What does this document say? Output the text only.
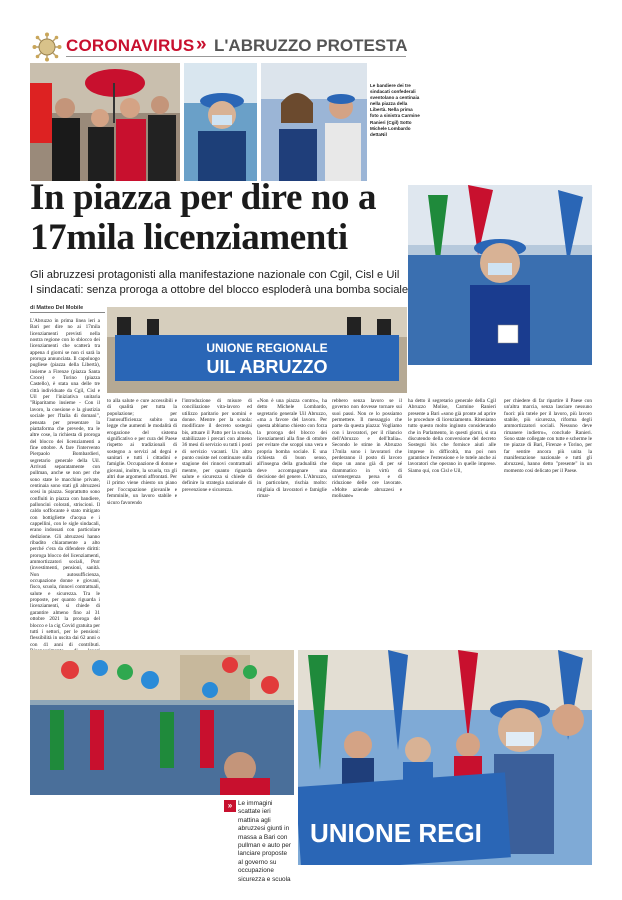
CORONAVIRUS » L'ABRUZZO PROTESTA
Le bandiere dei tre sindacati confederali sventolano a centinaia nella piazza della Libertà. Nella prima foto a sinistra Carmine Ranieri (Cgil) Sotto Michele Lombardo dettaNil
In piazza per dire no a 17mila licenziamenti
Gli abruzzesi protagonisti alla manifestazione nazionale con Cgil, Cisl e Uil
I sindacati: senza proroga a ottobre del blocco esploderà una bomba sociale
di Matteo Del Mobile
UNIONE REGIONALE
UIL ABRUZZO
L'Abruzzo in prima linea ieri a Bari per dire no ai 17mila licenziamenti previsti nella nostra regione con lo sblocco dei licenziamenti che scatterà tra appena 4 giorni se non ci sarà la proroga annunciata. Il capoluogo pugliese (piazza della Libertà), insieme a Firenze (piazza Santa Croce) e Torino (piazza Castello), è stata una delle tre città individuate da Cgil, Cisl e Uil per l'iniziativa unitaria "Riparitamo insieme - Con il lavoro, la coesione e la giustizia sociale per l'Italia di domani", pensata per presentare la piattaforma che prevede, tra le altre cose, la richiesta di proroga del blocco dei licenziamenti a fine ottobre. A fare l'intervento Pierpaolo Bombardieri, segretario generale della Uil. Arrivati separatamente con pullman, anche se non per che sono state le macchine private, centinaia sono stati gli abruzzesi scesi in piazza. Soprattutto sono confluiti in piazza con bandiere, palloncini colorati, striscioni. Il caldo soffocante è stato mitigato con bottigliette d'acqua e i cappellini, con le sigle sindacali, erano indossati con particolare dedizione. Gli abruzzesi hanno ribadito chiaramente a alto perché c'era da difendere diritti: proroga blocco del licenziamenti, ammortizzatori sociali, Pnrr (investimenti, pensioni, sanità. Non autosufficienza, occupazione donne e giovani, fisco, scuola, rinnovi contrattuali, salute e sicurezza. Tra le proposte, per quanto riguarda i licenziamenti, si chiede di garantire almeno fino al 31 ottobre 2021 la proroga del blocco e la cig Covid gratuita per tutti i settori, per le pensioni: flessibilità in uscita dai 62 anni o con 41 anni di contributi.
to alla salute e cure accessibili e di qualità per tutta la popolazione; per l'autosufficienza: subito una legge che aumenti le modalità di erogazione del sistema significativo e per cura del Paese rispetto ai tradizionali di sostegno a servizi ad degni e sanitari e tutti i cittadini e famiglie. Occupazione di donne e giovani, inoltre, la scuola, tra gli altri due argomenti affrontati. Per il primo viene chiesto un piano per l'occupazione giovanile e femminile, un lavoro stabile e sicuro favorendo
l'introduzione di misure di conciliazione vita-lavoro ed utilizzo paritario per uomini e donne. Mentre per la scuola: modificare il decreto sostegni bis, attuare il Patto per la scuola, stabilizzare i precari con almeno 36 mesi di servizio su tutti i posti di servizio vacanti. Un altro punto cosiste nel continuare sulla stagione dei rinnovi contrattuali mentre, per quanto riguarda salute e sicurezza si chiede di definire la strategia nazionale di prevenzione e sicurezza.
«Non è una piazza contro», ha detto Michele Lombardo, segretario generale Uil Abruzzo, «ma a favore del lavoro. Per questa abbiamo chiesto con forza la proroga del blocco dei licenziamenti alla fine di ottobre per evitare che scoppi una vera e propria bomba sociale. E una richiesta di buon senso, all'insegna della gradualità che deve accompagnare una decisione del genere. L'Abruzzo, in particolare, rischia molto: migliaia di lavoratori e famiglie rimar-
rebbero senza lavoro se il governo non dovesse tornare sui suoi passi. Non ce lo possiamo permettere. Il messaggio che parte da questa piazza: Vogliamo con i lavoratori, per il rilancio dell'Abruzzo e dell'Italia». Secondo le stime in Abruzzo 17mila sono i lavoratori che perderanno il posto di lavoro dopo un anno già di per sé drammatico in virtù di un'emergenza persa e di riduzione delle ore lavorate. «Molte aziende abruzzesi e molisane»
ha detto il segretario generale della Cgil Abruzzo Molise, Carmine Ranieri presente a Bari «sono già pronte ad aprire le procedure di licenziamento. Riteniamo tutto questo molto inginsto considerando che in Parlamento, in questi giorni, si sta discutendo della conversione del decreto Sostegni bis che fornisce aiuti alle imprese in difficoltà, ma poi non garantisce l'estensione e le tutele anche ai lavoratori che operano in quelle imprese. Siamo qui, con Cisl e Uil,
per chiedere di far ripartire il Paese con un'altra marcia, senza lasciare nessuno fuori: più tutele per il lavoro, più lavoro stabile, più sicurezza, riforma degli ammortizzatori sociali. Nessuno deve rimanere indietro», conclude Ranieri. Sono state collegate con tutte e scherme le tre piazze di Bari, Firenze e Torino, per far sentire ancora più unita la manifestazione nazionale e tutti gli abruzzesi, hanno detto "presente" in un momento così delicato per il Paese.
» Le immagini scattate ieri mattina agli abruzzesi giunti in massa a Bari con pullman e auto per lanciare proposte al governo su occupazione sicurezza e scuola
UNIONE REGI
